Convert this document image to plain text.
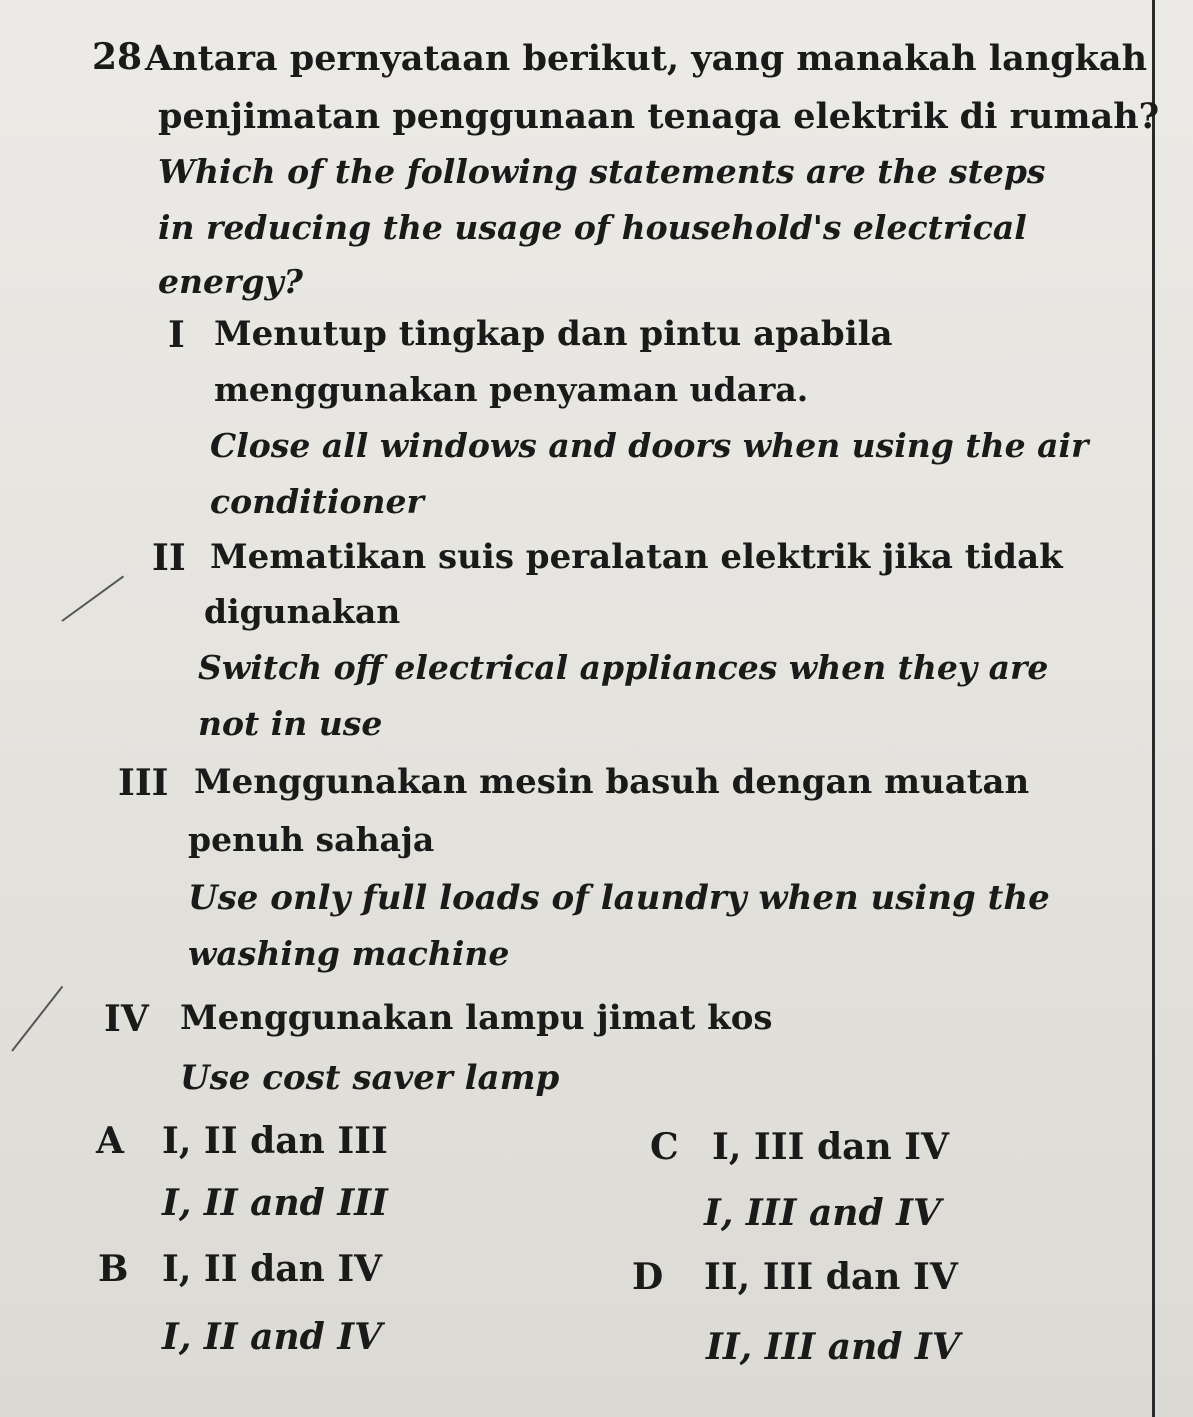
28 Antara pernyataan berikut, yang manakah langkah
penjimatan penggunaan tenaga elektrik di rumah?
Which of the following statements are the steps
in reducing the usage of household's electrical
energy?
I Menutup tingkap dan pintu apabila
menggunakan penyaman udara.
Close all windows and doors when using the air
conditioner
II Mematikan suis peralatan elektrik jika tidak
digunakan
Switch off electrical appliances when they are
not in use
III Menggunakan mesin basuh dengan muatan
penuh sahaja
Use only full loads of laundry when using the
washing machine
IV Menggunakan lampu jimat kos
Use cost saver lamp
A I, II dan III
I, II and III
B I, II dan IV
I, II and IV
C I, III dan IV
I, III and IV
D II, III dan IV
II, III and IV
